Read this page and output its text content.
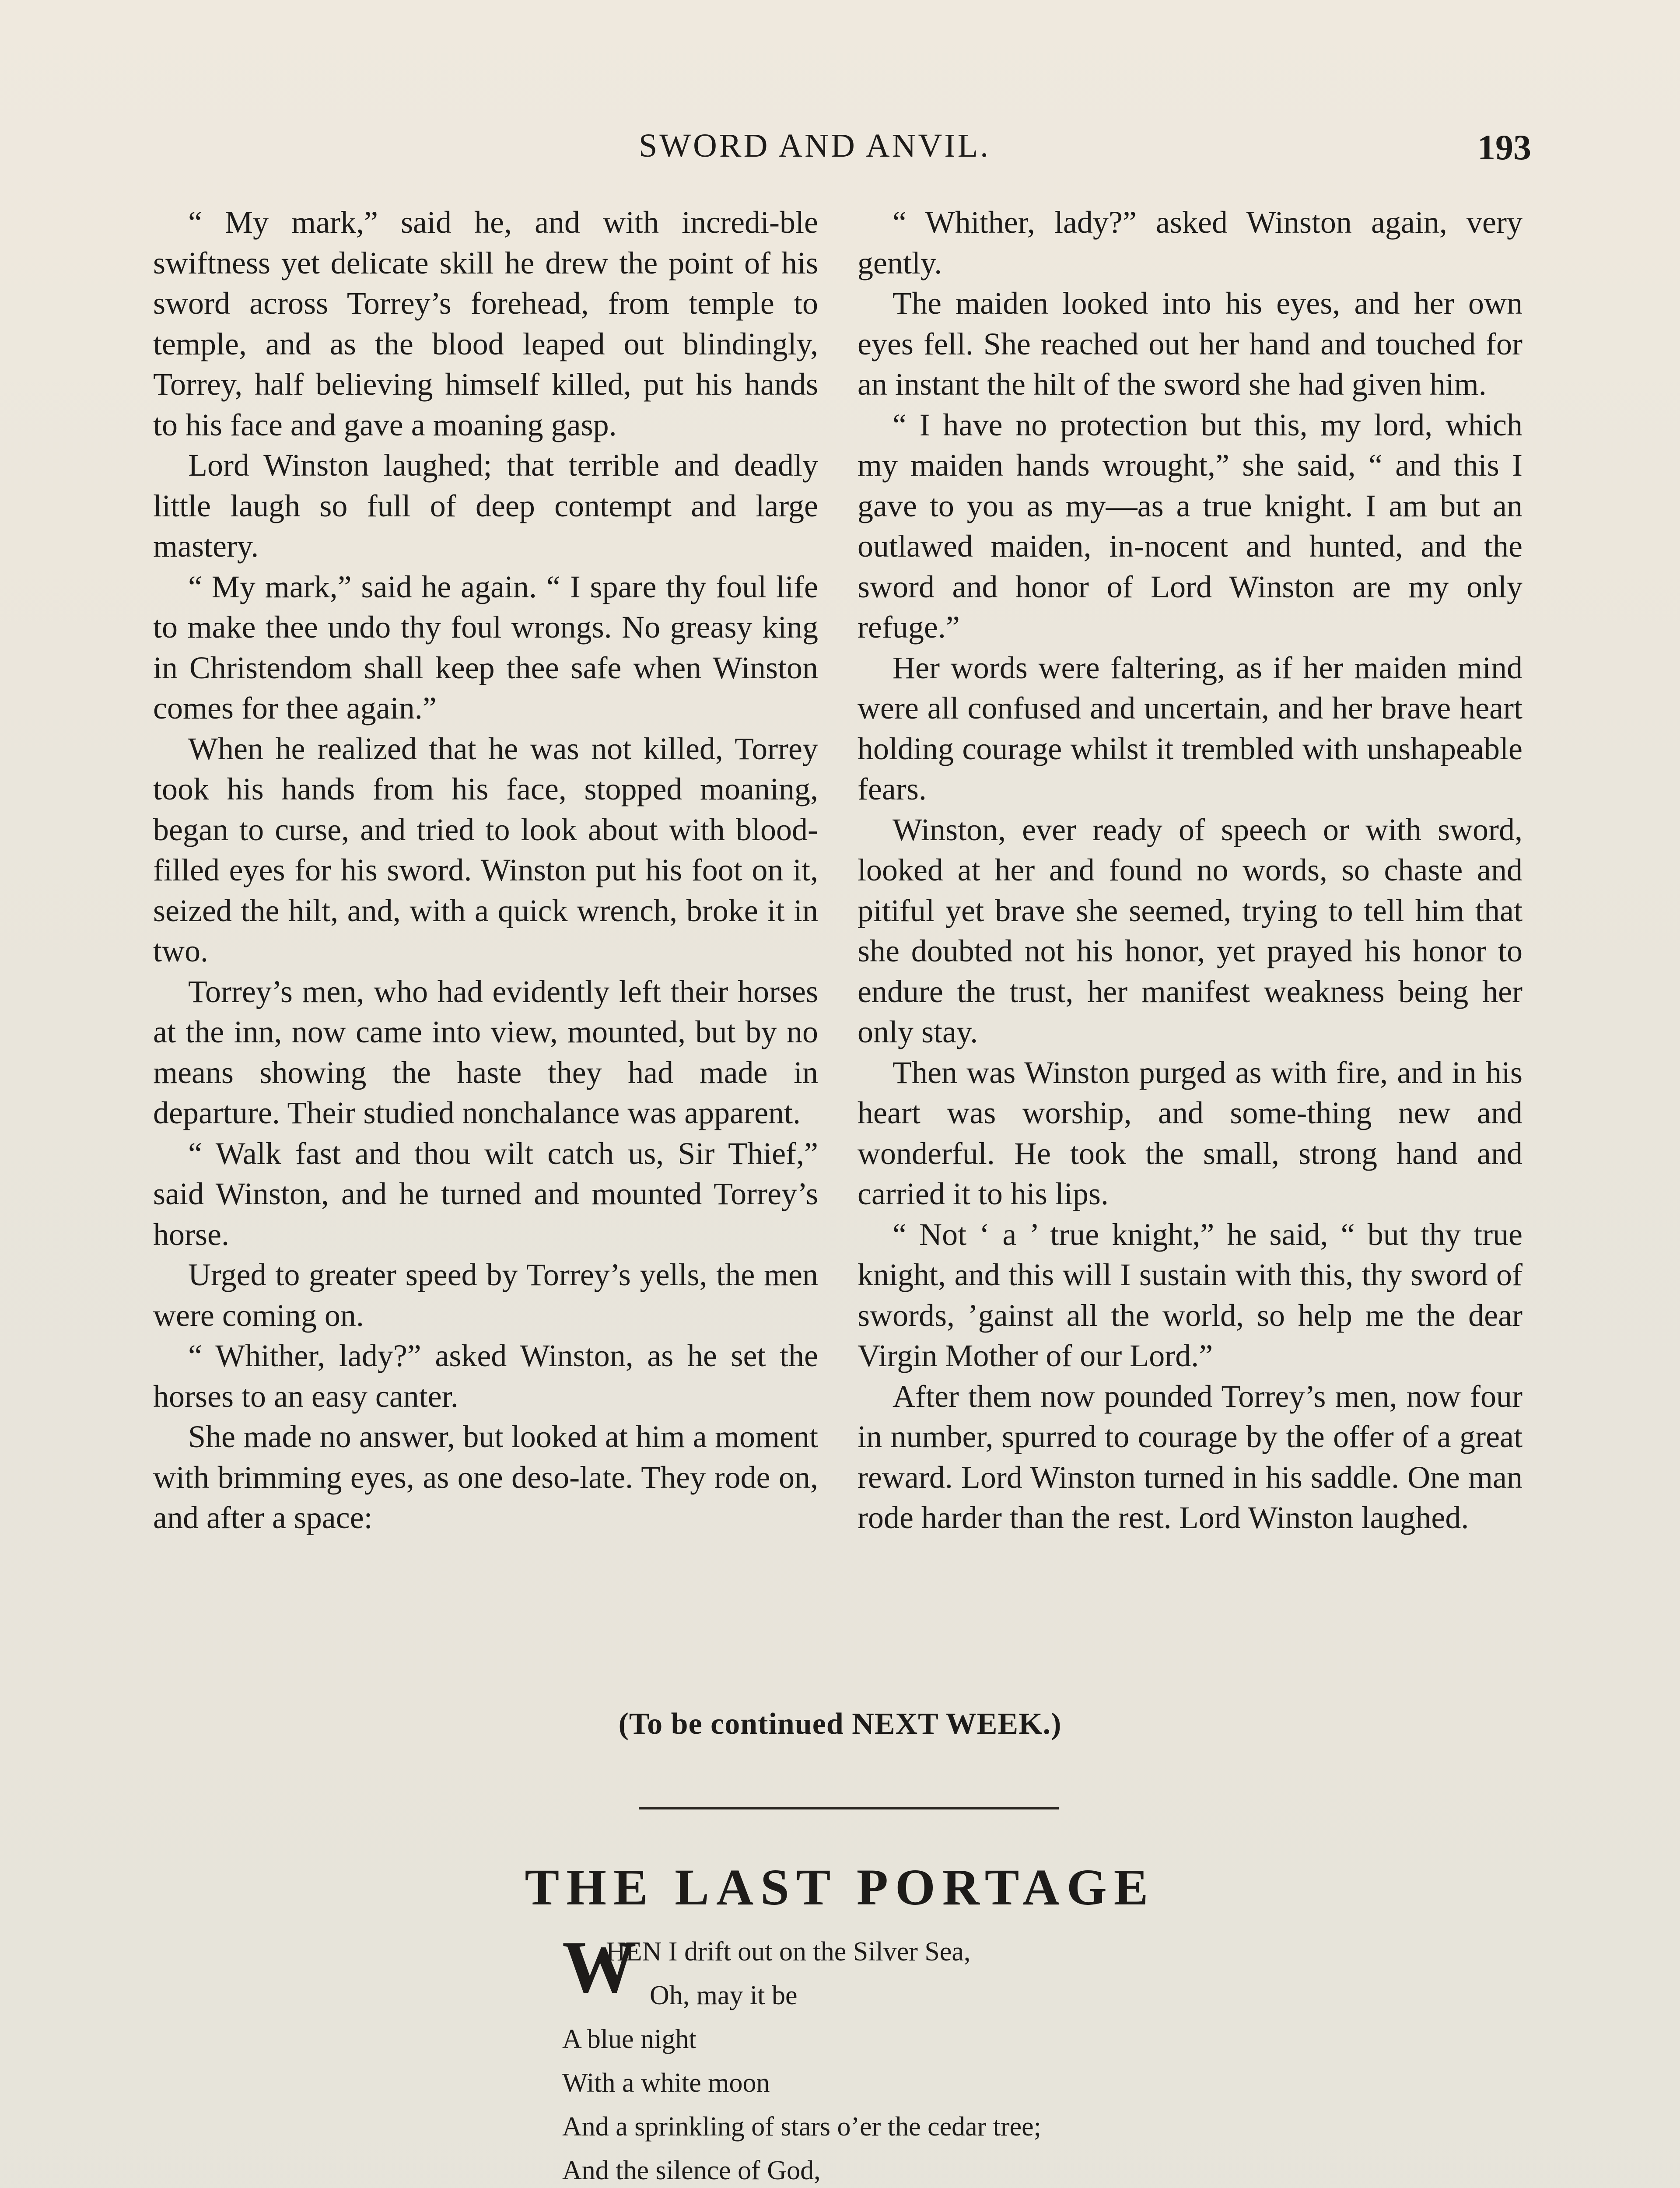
SWORD AND ANVIL.	193

“ My mark,” said he, and with incredi-ble swiftness yet delicate skill he drew the point of his sword across Torrey’s forehead, from temple to temple, and as the blood leaped out blindingly, Torrey, half believing himself killed, put his hands to his face and gave a moaning gasp.

Lord Winston laughed; that terrible and deadly little laugh so full of deep contempt and large mastery.

“ My mark,” said he again. “ I spare thy foul life to make thee undo thy foul wrongs. No greasy king in Christendom shall keep thee safe when Winston comes for thee again.”

When he realized that he was not killed, Torrey took his hands from his face, stopped moaning, began to curse, and tried to look about with blood-filled eyes for his sword. Winston put his foot on it, seized the hilt, and, with a quick wrench, broke it in two.

Torrey’s men, who had evidently left their horses at the inn, now came into view, mounted, but by no means showing the haste they had made in departure. Their studied nonchalance was apparent.

“ Walk fast and thou wilt catch us, Sir Thief,” said Winston, and he turned and mounted Torrey’s horse.

Urged to greater speed by Torrey’s yells, the men were coming on.

“ Whither, lady?” asked Winston, as he set the horses to an easy canter.

She made no answer, but looked at him a moment with brimming eyes, as one deso-late. They rode on, and after a space:

“ Whither, lady?” asked Winston again, very gently.

The maiden looked into his eyes, and her own eyes fell. She reached out her hand and touched for an instant the hilt of the sword she had given him.

“ I have no protection but this, my lord, which my maiden hands wrought,” she said, “ and this I gave to you as my—as a true knight. I am but an outlawed maiden, in-nocent and hunted, and the sword and honor of Lord Winston are my only refuge.”

Her words were faltering, as if her maiden mind were all confused and uncertain, and her brave heart holding courage whilst it trembled with unshapeable fears.

Winston, ever ready of speech or with sword, looked at her and found no words, so chaste and pitiful yet brave she seemed, trying to tell him that she doubted not his honor, yet prayed his honor to endure the trust, her manifest weakness being her only stay.

Then was Winston purged as with fire, and in his heart was worship, and some-thing new and wonderful. He took the small, strong hand and carried it to his lips.

“ Not ‘ a ’ true knight,” he said, “ but thy true knight, and this will I sustain with this, thy sword of swords, ’gainst all the world, so help me the dear Virgin Mother of our Lord.”

After them now pounded Torrey’s men, now four in number, spurred to courage by the offer of a great reward. Lord Winston turned in his saddle. One man rode harder than the rest. Lord Winston laughed.

(To be continued NEXT WEEK.)
THE LAST PORTAGE
W
HEN I drift out on the Silver Sea,
Oh, may it be
A blue night
With a white moon
And a sprinkling of stars o’er the cedar tree;
And the silence of God,
